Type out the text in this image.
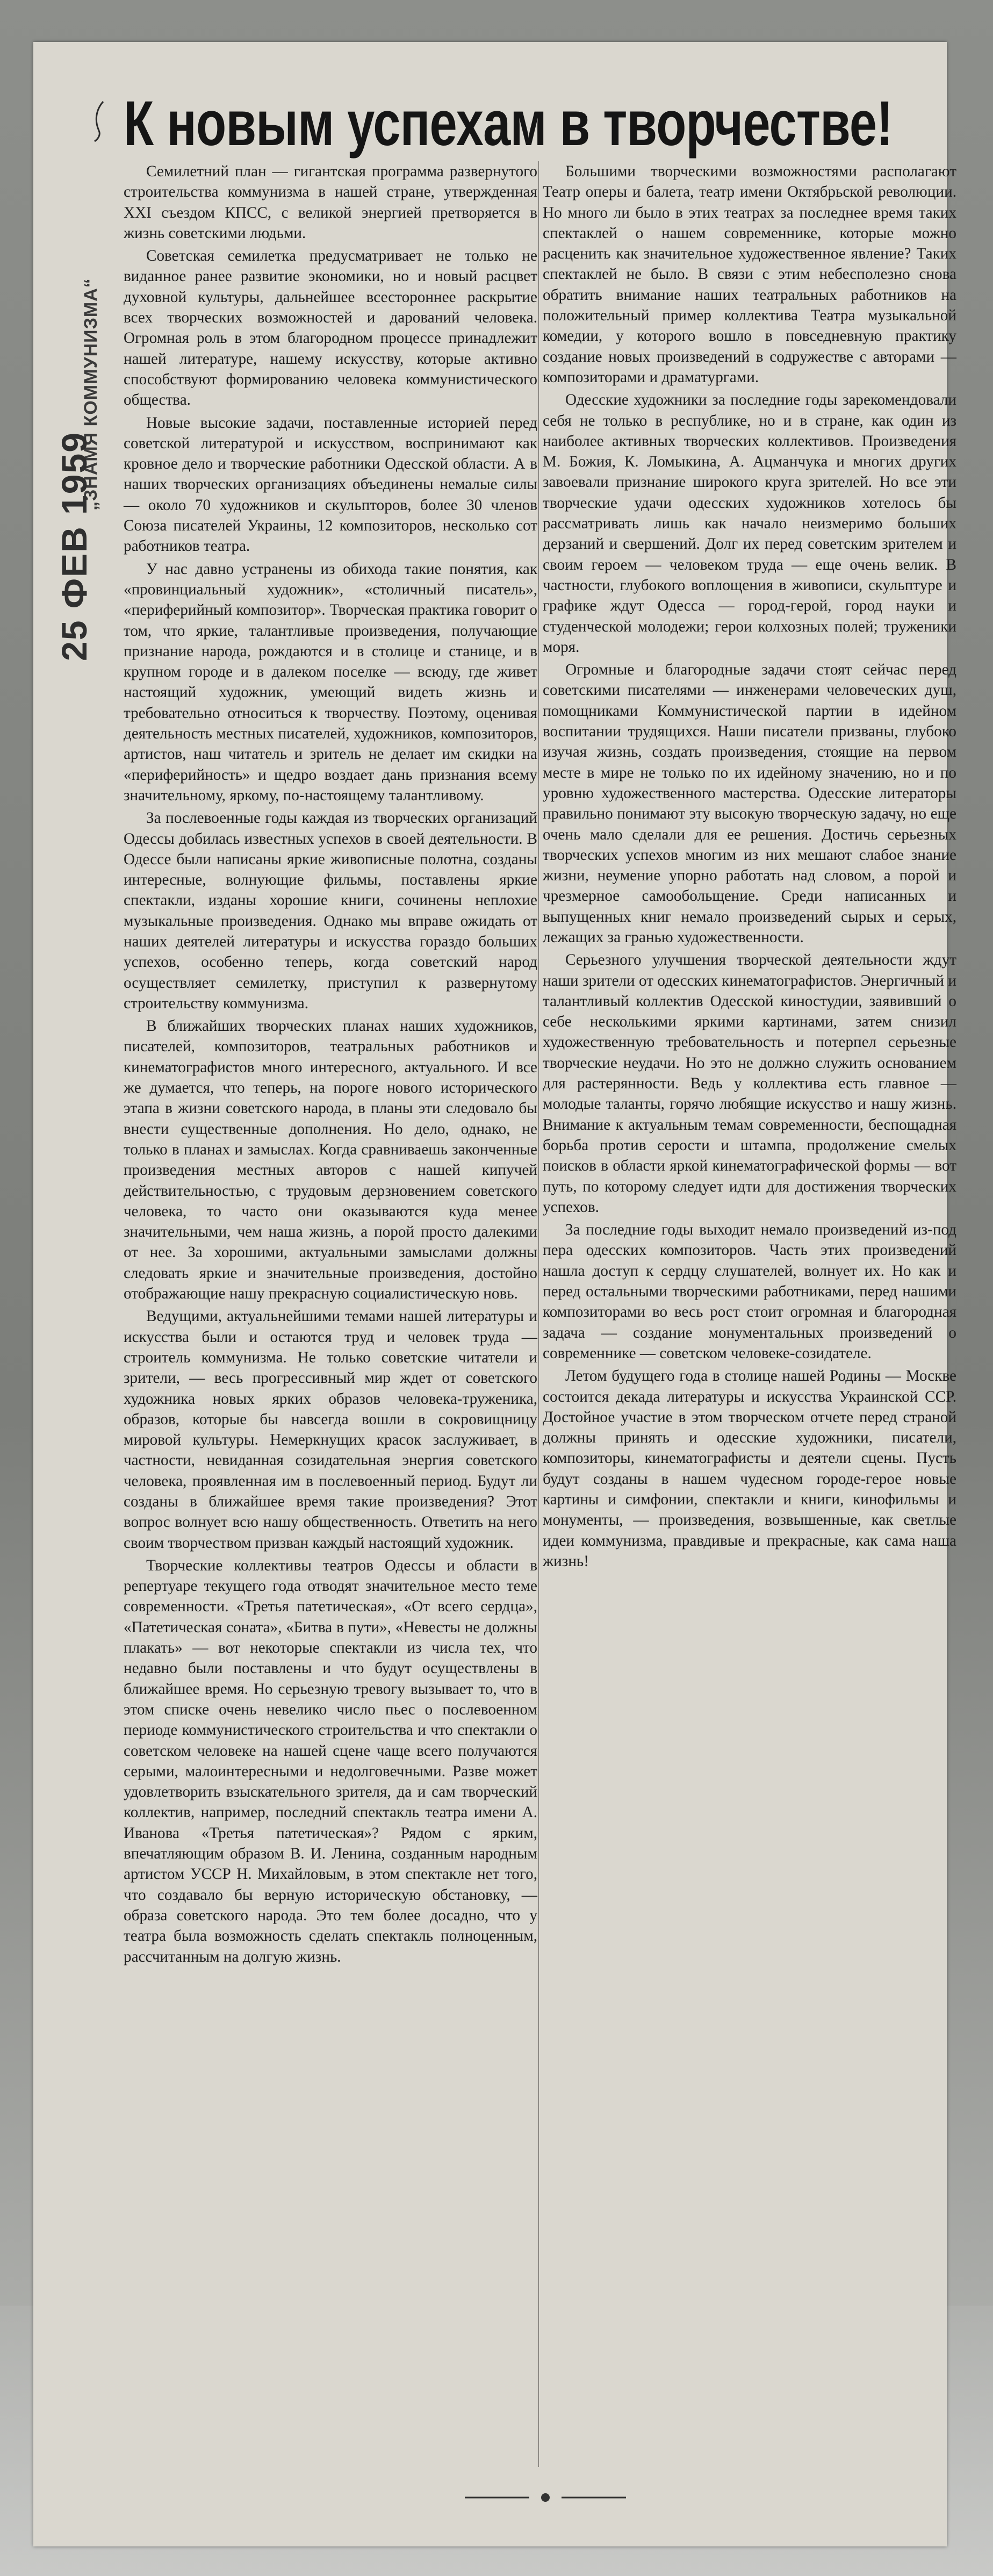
К новым успехам в творчестве!
„ЗНАМЯ КОММУНИЗМА“
25 ФЕВ 1959

Семилетний план — гигантская программа развернутого строительства коммунизма в нашей стране, утвержденная XXI съездом КПСС, с великой энергией претворяется в жизнь советскими людьми.

Советская семилетка предусматривает не только не виданное ранее развитие экономики, но и новый расцвет духовной культуры, дальнейшее всестороннее раскрытие всех творческих возможностей и дарований человека. Огромная роль в этом благородном процессе принадлежит нашей литературе, нашему искусству, которые активно способствуют формированию человека коммунистического общества.

Новые высокие задачи, поставленные историей перед советской литературой и искусством, воспринимают как кровное дело и творческие работники Одесской области. А в наших творческих организациях объединены немалые силы — около 70 художников и скульпторов, более 30 членов Союза писателей Украины, 12 композиторов, несколько сот работников театра.

У нас давно устранены из обихода такие понятия, как «провинциальный художник», «столичный писатель», «периферийный композитор». Творческая практика говорит о том, что яркие, талантливые произведения, получающие признание народа, рождаются и в столице и станице, и в крупном городе и в далеком поселке — всюду, где живет настоящий художник, умеющий видеть жизнь и требовательно относиться к творчеству. Поэтому, оценивая деятельность местных писателей, художников, композиторов, артистов, наш читатель и зритель не делает им скидки на «периферийность» и щедро воздает дань признания всему значительному, яркому, по-настоящему талантливому.

За послевоенные годы каждая из творческих организаций Одессы добилась известных успехов в своей деятельности. В Одессе были написаны яркие живописные полотна, созданы интересные, волнующие фильмы, поставлены яркие спектакли, изданы хорошие книги, сочинены неплохие музыкальные произведения. Однако мы вправе ожидать от наших деятелей литературы и искусства гораздо больших успехов, особенно теперь, когда советский народ осуществляет семилетку, приступил к развернутому строительству коммунизма.

В ближайших творческих планах наших художников, писателей, композиторов, театральных работников и кинематографистов много интересного, актуального. И все же думается, что теперь, на пороге нового исторического этапа в жизни советского народа, в планы эти следовало бы внести существенные дополнения. Но дело, однако, не только в планах и замыслах. Когда сравниваешь законченные произведения местных авторов с нашей кипучей действительностью, с трудовым дерзновением советского человека, то часто они оказываются куда менее значительными, чем наша жизнь, а порой просто далекими от нее. За хорошими, актуальными замыслами должны следовать яркие и значительные произведения, достойно отображающие нашу прекрасную социалистическую новь.

Ведущими, актуальнейшими темами нашей литературы и искусства были и остаются труд и человек труда — строитель коммунизма. Не только советские читатели и зрители, — весь прогрессивный мир ждет от советского художника новых ярких образов человека-труженика, образов, которые бы навсегда вошли в сокровищницу мировой культуры. Немеркнущих красок заслуживает, в частности, невиданная созидательная энергия советского человека, проявленная им в послевоенный период. Будут ли созданы в ближайшее время такие произведения? Этот вопрос волнует всю нашу общественность. Ответить на него своим творчеством призван каждый настоящий художник.

Творческие коллективы театров Одессы и области в репертуаре текущего года отводят значительное место теме современности. «Третья патетическая», «От всего сердца», «Патетическая соната», «Битва в пути», «Невесты не должны плакать» — вот некоторые спектакли из числа тех, что недавно были поставлены и что будут осуществлены в ближайшее время. Но серьезную тревогу вызывает то, что в этом списке очень невелико число пьес о послевоенном периоде коммунистического строительства и что спектакли о советском человеке на нашей сцене чаще всего получаются серыми, малоинтересными и недолговечными. Разве может удовлетворить взыскательного зрителя, да и сам творческий коллектив, например, последний спектакль театра имени А. Иванова «Третья патетическая»? Рядом с ярким, впечатляющим образом В. И. Ленина, созданным народным артистом УССР Н. Михайловым, в этом спектакле нет того, что создавало бы верную историческую обстановку, — образа советского народа. Это тем более досадно, что у театра была возможность сделать спектакль полноценным, рассчитанным на долгую жизнь.

Большими творческими возможностями располагают Театр оперы и балета, театр имени Октябрьской революции. Но много ли было в этих театрах за последнее время таких спектаклей о нашем современнике, которые можно расценить как значительное художественное явление? Таких спектаклей не было. В связи с этим небесполезно снова обратить внимание наших театральных работников на положительный пример коллектива Театра музыкальной комедии, у которого вошло в повседневную практику создание новых произведений в содружестве с авторами — композиторами и драматургами.

Одесские художники за последние годы зарекомендовали себя не только в республике, но и в стране, как один из наиболее активных творческих коллективов. Произведения М. Божия, К. Ломыкина, А. Ацманчука и многих других завоевали признание широкого круга зрителей. Но все эти творческие удачи одесских художников хотелось бы рассматривать лишь как начало неизмеримо больших дерзаний и свершений. Долг их перед советским зрителем и своим героем — человеком труда — еще очень велик. В частности, глубокого воплощения в живописи, скульптуре и графике ждут Одесса — город-герой, город науки и студенческой молодежи; герои колхозных полей; труженики моря.

Огромные и благородные задачи стоят сейчас перед советскими писателями — инженерами человеческих душ, помощниками Коммунистической партии в идейном воспитании трудящихся. Наши писатели призваны, глубоко изучая жизнь, создать произведения, стоящие на первом месте в мире не только по их идейному значению, но и по уровню художественного мастерства. Одесские литераторы правильно понимают эту высокую творческую задачу, но еще очень мало сделали для ее решения. Достичь серьезных творческих успехов многим из них мешают слабое знание жизни, неумение упорно работать над словом, а порой и чрезмерное самообольщение. Среди написанных и выпущенных книг немало произведений сырых и серых, лежащих за гранью художественности.

Серьезного улучшения творческой деятельности ждут наши зрители от одесских кинематографистов. Энергичный и талантливый коллектив Одесской киностудии, заявивший о себе несколькими яркими картинами, затем снизил художественную требовательность и потерпел серьезные творческие неудачи. Но это не должно служить основанием для растерянности. Ведь у коллектива есть главное — молодые таланты, горячо любящие искусство и нашу жизнь. Внимание к актуальным темам современности, беспощадная борьба против серости и штампа, продолжение смелых поисков в области яркой кинематографической формы — вот путь, по которому следует идти для достижения творческих успехов.

За последние годы выходит немало произведений из-под пера одесских композиторов. Часть этих произведений нашла доступ к сердцу слушателей, волнует их. Но как и перед остальными творческими работниками, перед нашими композиторами во весь рост стоит огромная и благородная задача — создание монументальных произведений о современнике — советском человеке-созидателе.

Летом будущего года в столице нашей Родины — Москве состоится декада литературы и искусства Украинской ССР. Достойное участие в этом творческом отчете перед страной должны принять и одесские художники, писатели, композиторы, кинематографисты и деятели сцены. Пусть будут созданы в нашем чудесном городе-герое новые картины и симфонии, спектакли и книги, кинофильмы и монументы, — произведения, возвышенные, как светлые идеи коммунизма, правдивые и прекрасные, как сама наша жизнь!
